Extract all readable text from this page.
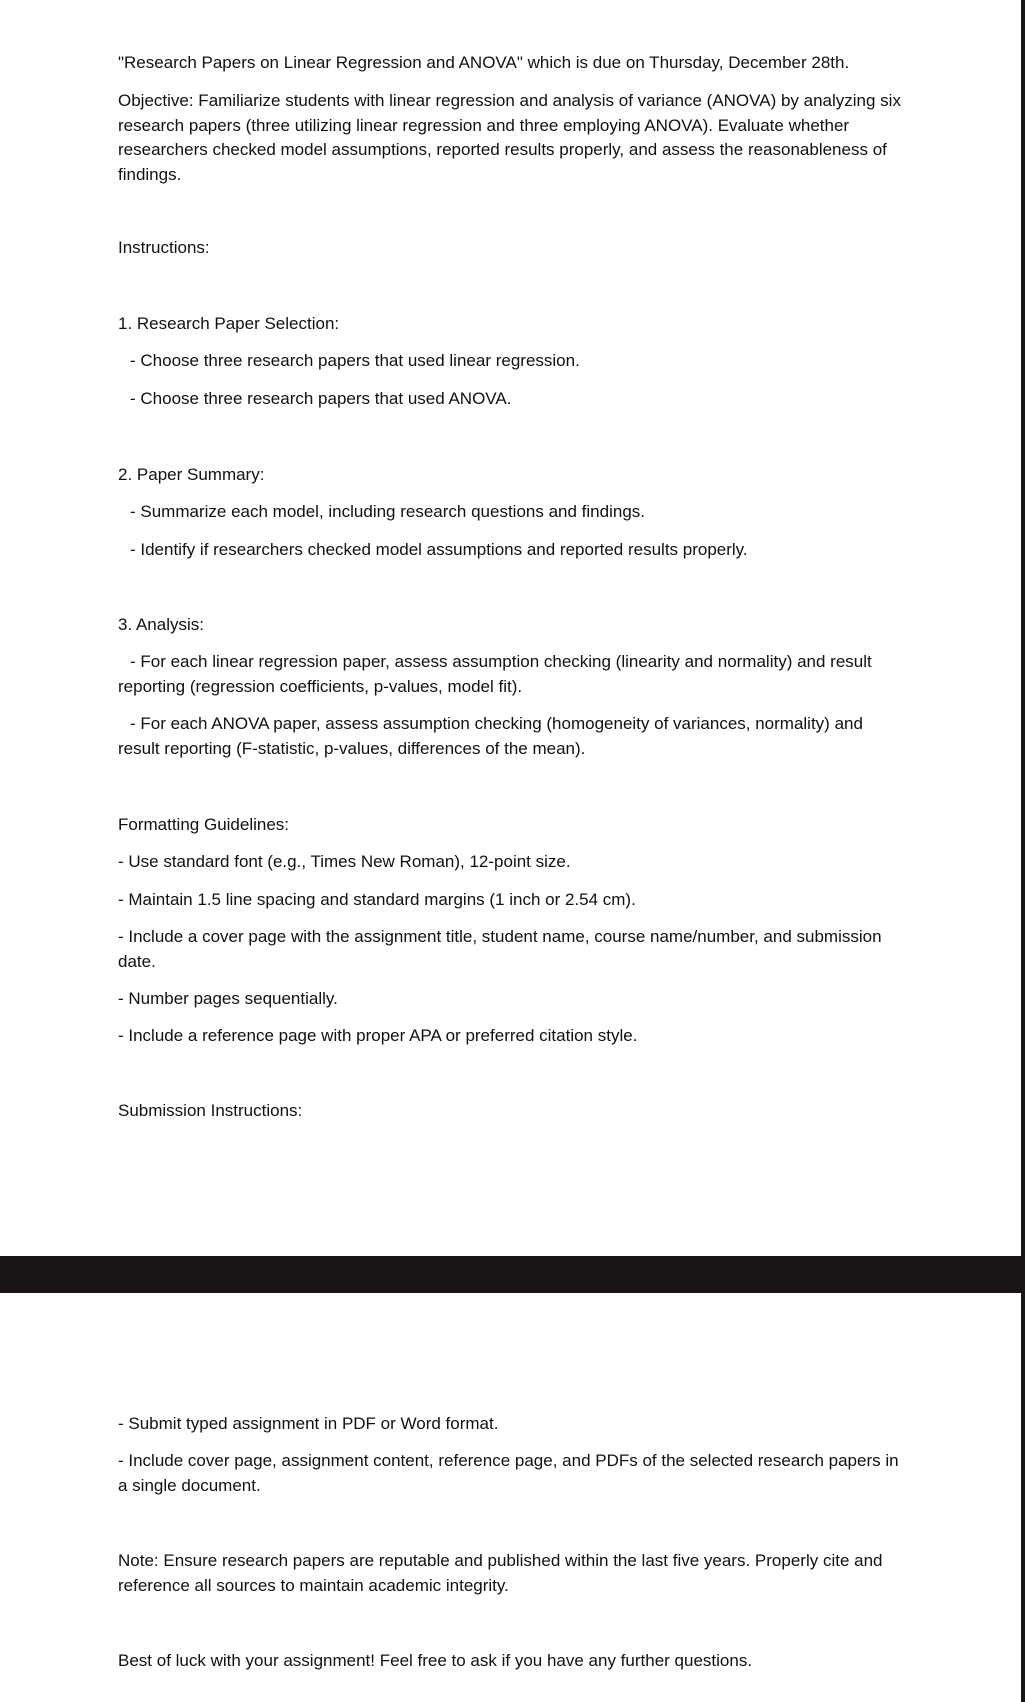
"Research Papers on Linear Regression and ANOVA" which is due on Thursday, December 28th.

Objective: Familiarize students with linear regression and analysis of variance (ANOVA) by analyzing six research papers (three utilizing linear regression and three employing ANOVA). Evaluate whether researchers checked model assumptions, reported results properly, and assess the reasonableness of findings.

Instructions:

1. Research Paper Selection:

- Choose three research papers that used linear regression.

- Choose three research papers that used ANOVA.

2. Paper Summary:

- Summarize each model, including research questions and findings.

- Identify if researchers checked model assumptions and reported results properly.

3. Analysis:

- For each linear regression paper, assess assumption checking (linearity and normality) and result reporting (regression coefficients, p-values, model fit).

- For each ANOVA paper, assess assumption checking (homogeneity of variances, normality) and result reporting (F-statistic, p-values, differences of the mean).

Formatting Guidelines:

- Use standard font (e.g., Times New Roman), 12-point size.

- Maintain 1.5 line spacing and standard margins (1 inch or 2.54 cm).

- Include a cover page with the assignment title, student name, course name/number, and submission date.

- Number pages sequentially.

- Include a reference page with proper APA or preferred citation style.

Submission Instructions:

- Submit typed assignment in PDF or Word format.

- Include cover page, assignment content, reference page, and PDFs of the selected research papers in a single document.

Note: Ensure research papers are reputable and published within the last five years. Properly cite and reference all sources to maintain academic integrity.

Best of luck with your assignment! Feel free to ask if you have any further questions.
